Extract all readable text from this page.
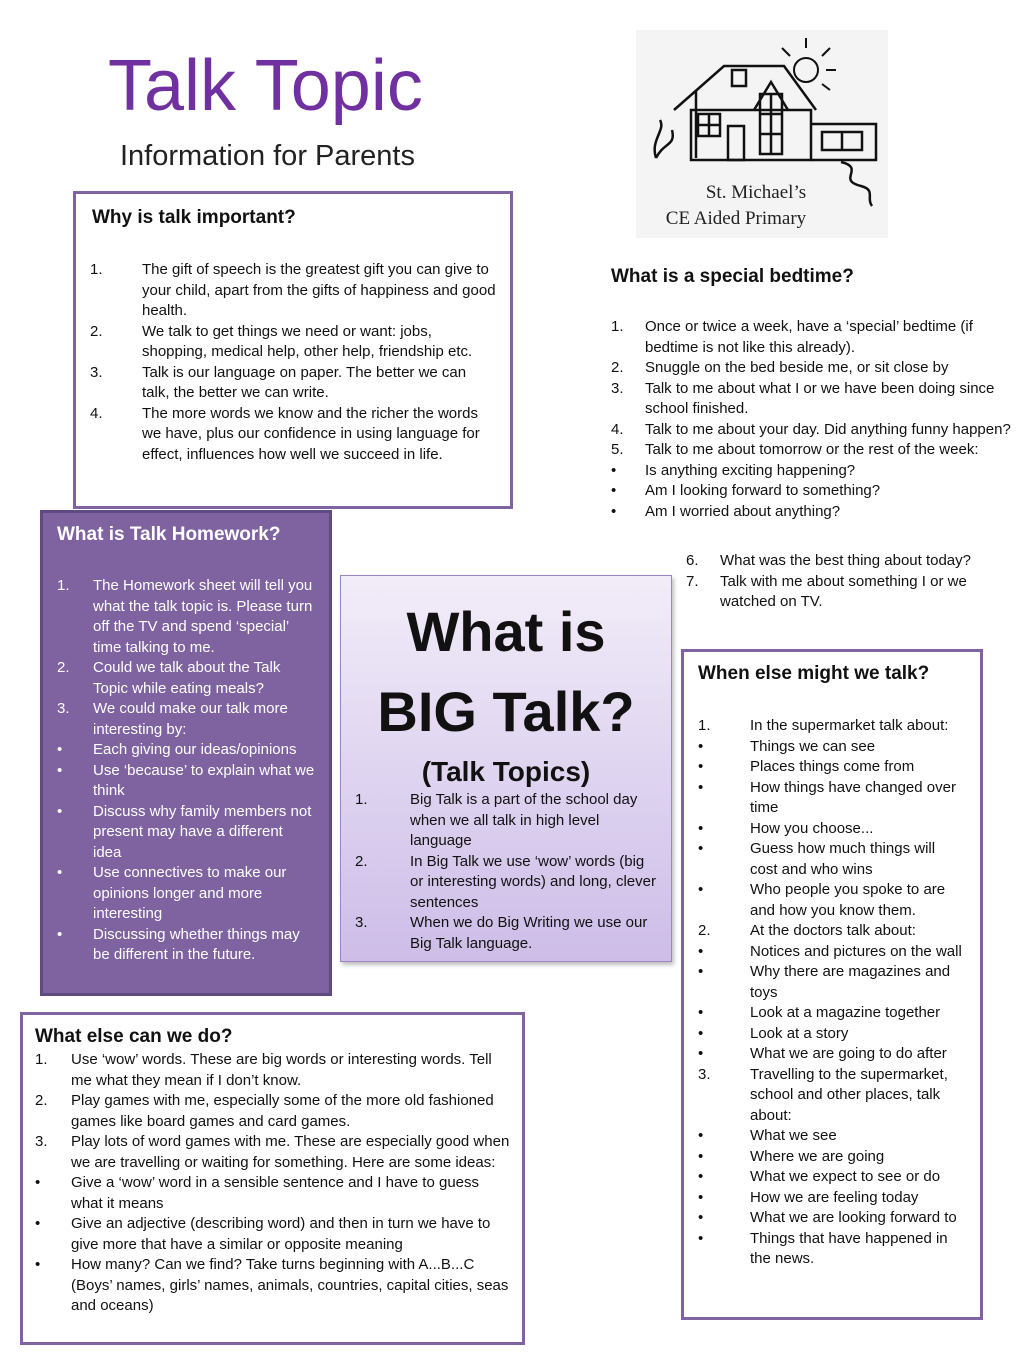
Talk Topic
Information for Parents
St. Michael’s
CE Aided Primary
Why is talk important?
1.	The gift of speech is the greatest gift you can give to your child, apart from the gifts of happiness and good health.
2.	We talk to get things we need or want: jobs, shopping, medical help, other help, friendship etc.
3.	Talk is our language on paper. The better we can talk, the better we can write.
4.	The more words we know and the richer the words we have, plus our confidence in using language for effect, influences how well we succeed in life.
What is a special bedtime?
1.	Once or twice a week, have a ‘special’ bedtime (if bedtime is not like this already).
2.	Snuggle on the bed beside me, or sit close by
3.	Talk to me about what I or we have been doing since school finished.
4.	Talk to me about your day. Did anything funny happen?
5.	Talk to me about tomorrow or the rest of the week:
•	Is anything exciting happening?
•	Am I looking forward to something?
•	Am I worried about anything?
6.	What was the best thing about today?
7.	Talk with me about something I or we watched on TV.
What is Talk Homework?
1.	The Homework sheet will tell you what the talk topic is. Please turn off the TV and spend ‘special’ time talking to me.
2.	Could we talk about the Talk Topic while eating meals?
3.	We could make our talk more interesting by:
•	Each giving our ideas/opinions
•	Use ‘because’ to explain what we think
•	Discuss why family members not present may have a different idea
•	Use connectives to make our opinions longer and more interesting
•	Discussing whether things may be different in the future.
What is BIG Talk?
(Talk Topics)
1.	Big Talk is a part of the school day when we all talk in high level language
2.	In Big Talk we use ‘wow’ words (big or interesting words) and long, clever sentences
3.	When we do Big Writing we use our Big Talk language.
When else might we talk?
1.	In the supermarket talk about:
•	Things we can see
•	Places things come from
•	How things have changed over time
•	How you choose...
•	Guess how much things will cost and who wins
•	Who people you spoke to are and how you know them.
2.	At the doctors talk about:
•	Notices and pictures on the wall
•	Why there are magazines and toys
•	Look at a magazine together
•	Look at a story
•	What we are going to do after
3.	Travelling to the supermarket, school and other places, talk about:
•	What we see
•	Where we are going
•	What we expect to see or do
•	How we are feeling today
•	What we are looking forward to
•	Things that have happened in the news.
What else can we do?
1.	Use ‘wow’ words. These are big words or interesting words. Tell me what they mean if I don’t know.
2.	Play games with me, especially some of the more old fashioned games like board games and card games.
3.	Play lots of word games with me. These are especially good when we are travelling or waiting for something. Here are some ideas:
•	Give a ‘wow’ word in a sensible sentence and I have to guess what it means
•	Give an adjective (describing word) and then in turn we have to give more that have a similar or opposite meaning
•	How many? Can we find? Take turns beginning with A...B...C (Boys’ names, girls’ names, animals, countries, capital cities, seas and oceans)
